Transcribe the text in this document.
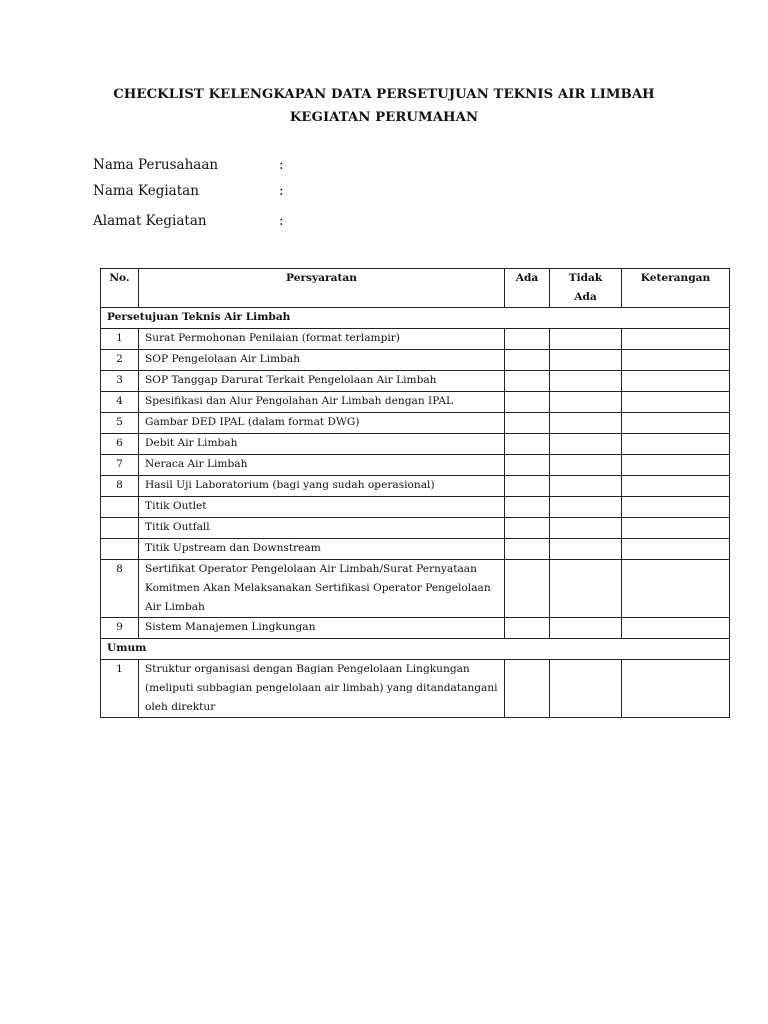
CHECKLIST KELENGKAPAN DATA PERSETUJUAN TEKNIS AIR LIMBAH
KEGIATAN PERUMAHAN
Nama Perusahaan	:
Nama Kegiatan	:
Alamat Kegiatan	:
No.	Persyaratan	Ada	Tidak Ada	Keterangan
Persetujuan Teknis Air Limbah				
1	Surat Permohonan Penilaian (format terlampir)			
2	SOP Pengelolaan Air Limbah			
3	SOP Tanggap Darurat Terkait Pengelolaan Air Limbah			
4	Spesifikasi dan Alur Pengolahan Air Limbah dengan IPAL			
5	Gambar DED IPAL (dalam format DWG)			
6	Debit Air Limbah			
7	Neraca Air Limbah			
8	Hasil Uji Laboratorium (bagi yang sudah operasional)			
	Titik Outlet			
	Titik Outfall			
	Titik Upstream dan Downstream			
8	Sertifikat Operator Pengelolaan Air Limbah/Surat Pernyataan Komitmen Akan Melaksanakan Sertifikasi Operator Pengelolaan Air Limbah			
9	Sistem Manajemen Lingkungan			
Umum				
1	Struktur organisasi dengan Bagian Pengelolaan Lingkungan (meliputi subbagian pengelolaan air limbah) yang ditandatangani oleh direktur			
